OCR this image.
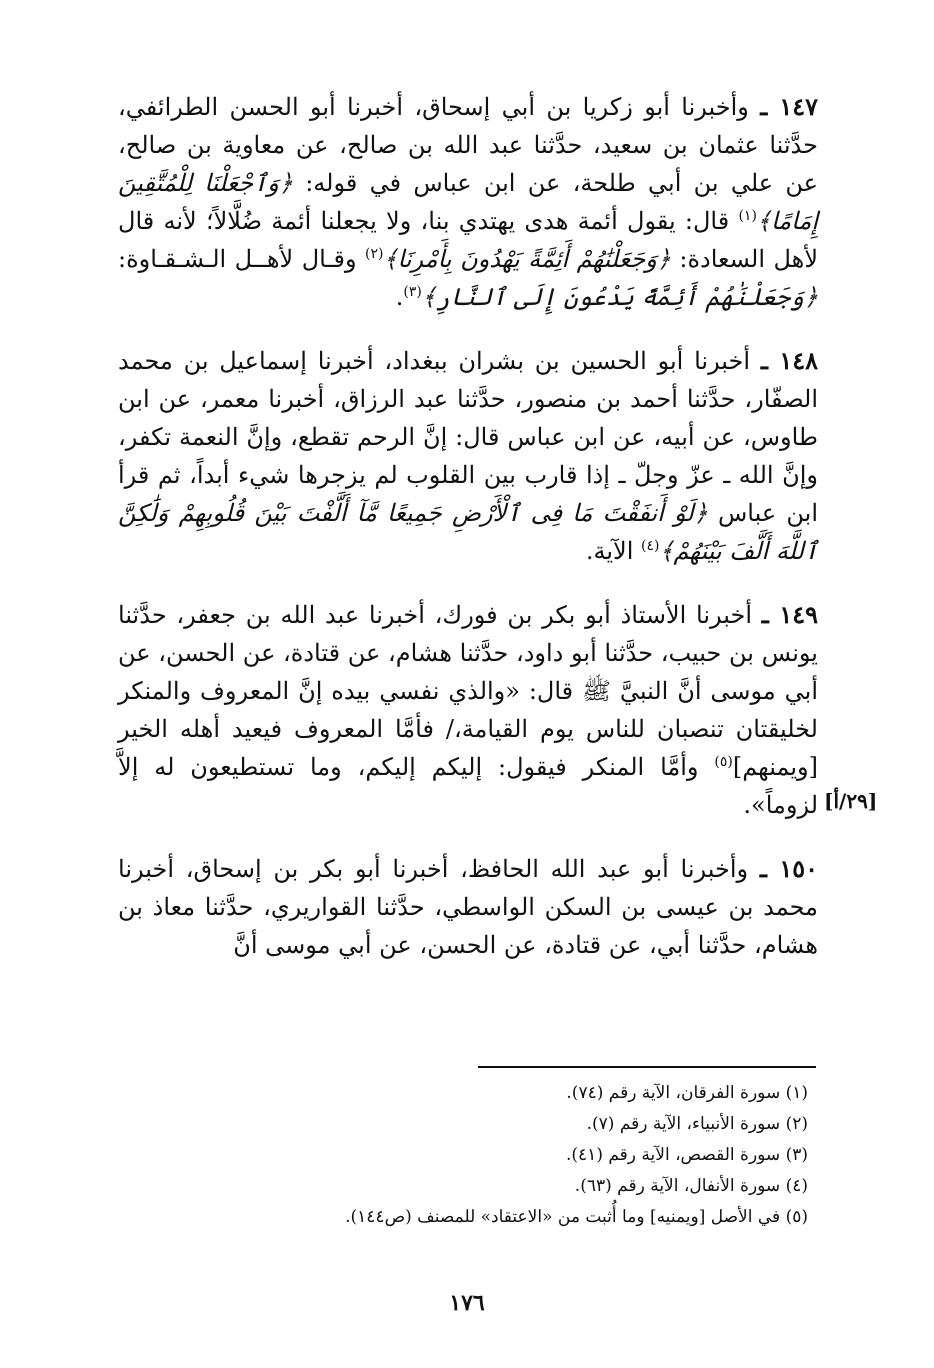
١٤٧ ـ وأخبرنا أبو زكريا بن أبي إسحاق، أخبرنا أبو الحسن الطرائفي، حدَّثنا عثمان بن سعيد، حدَّثنا عبد الله بن صالح، عن معاوية بن صالح، عن علي بن أبي طلحة، عن ابن عباس في قوله: ﴿وَٱجْعَلْنَا لِلْمُتَّقِينَ إِمَامًا﴾$^{(١)}$ قال: يقول أئمة هدى يهتدي بنا، ولا يجعلنا أئمة ضُلَّالاً؛ لأنه قال لأهل السعادة: ﴿وَجَعَلْنَٰهُمْ أَئِمَّةً يَهْدُونَ بِأَمْرِنَا﴾$^{(٢)}$ وقـال لأهــل الـشـقـاوة: ﴿وَجَعَلْنَٰهُمْ أَئِمَّةً يَدْعُونَ إِلَى ٱلنَّارِ﴾$^{(٣)}$.

١٤٨ ـ أخبرنا أبو الحسين بن بشران ببغداد، أخبرنا إسماعيل بن محمد الصفّار، حدَّثنا أحمد بن منصور، حدَّثنا عبد الرزاق، أخبرنا معمر، عن ابن طاوس، عن أبيه، عن ابن عباس قال: إنَّ الرحم تقطع، وإنَّ النعمة تكفر، وإنَّ الله ـ عزّ وجلّ ـ إذا قارب بين القلوب لم يزجرها شيء أبداً، ثم قرأ ابن عباس ﴿لَوْ أَنفَقْتَ مَا فِى ٱلْأَرْضِ جَمِيعًا مَّآ أَلَّفْتَ بَيْنَ قُلُوبِهِمْ وَلَٰكِنَّ ٱللَّهَ أَلَّفَ بَيْنَهُمْ﴾$^{(٤)}$ الآية.

١٤٩ ـ أخبرنا الأستاذ أبو بكر بن فورك، أخبرنا عبد الله بن جعفر، حدَّثنا يونس بن حبيب، حدَّثنا أبو داود، حدَّثنا هشام، عن قتادة، عن الحسن، عن أبي موسى أنَّ النبيَّ ﷺ قال: «والذي نفسي بيده إنَّ المعروف والمنكر لخليقتان تنصبان للناس يوم القيامة،/ فأمَّا المعروف فيعيد أهله الخير [ويمنهم]$^{(٥)}$ وأمَّا المنكر فيقول: إليكم إليكم، وما تستطيعون له إلاَّ لزوماً».

١٥٠ ـ وأخبرنا أبو عبد الله الحافظ، أخبرنا أبو بكر بن إسحاق، أخبرنا محمد بن عيسى بن السكن الواسطي، حدَّثنا القواريري، حدَّثنا معاذ بن هشام، حدَّثنا أبي، عن قتادة، عن الحسن، عن أبي موسى أنَّ

[٢٩/أ]
(١) سورة الفرقان، الآية رقم (٧٤).
(٢) سورة الأنبياء، الآية رقم (٧).
(٣) سورة القصص، الآية رقم (٤١).
(٤) سورة الأنفال، الآية رقم (٦٣).
(٥) في الأصل [ويمنيه] وما أُثبت من «الاعتقاد» للمصنف (ص١٤٤).
١٧٦
